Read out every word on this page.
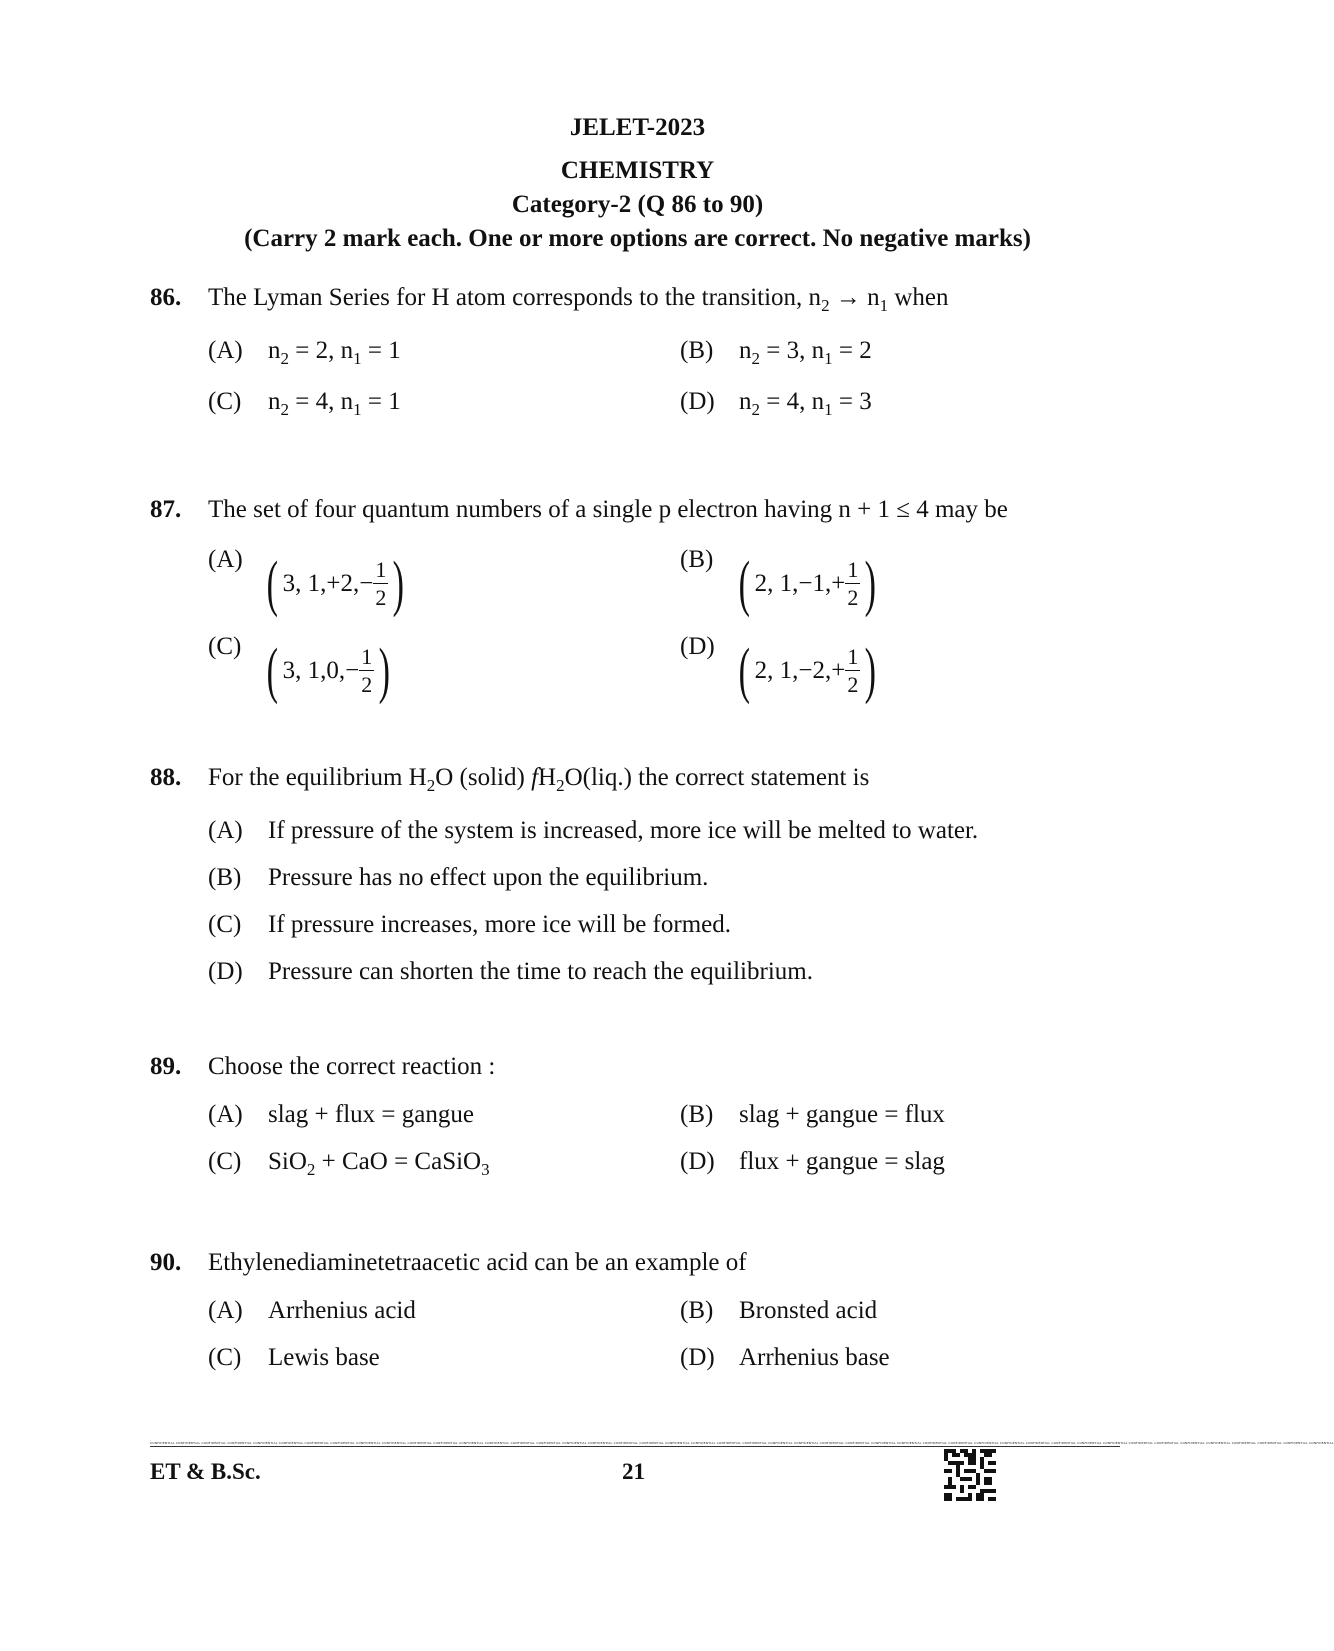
JELET-2023
CHEMISTRY
Category-2 (Q 86 to 90)
(Carry 2 mark each. One or more options are correct. No negative marks)
86. The Lyman Series for H atom corresponds to the transition, $n_2 \to n_1$ when
(A) $n_2 = 2$, $n_1 = 1$	(B) $n_2 = 3$, $n_1 = 2$
(C) $n_2 = 4$, $n_1 = 1$	(D) $n_2 = 4$, $n_1 = 3$
87. The set of four quantum numbers of a single p electron having n + 1 ≤ 4 may be
(A) ( 3, $1,+2,- \frac{1}{2}$ )	(B) ( 2, $1,-1,+ \frac{1}{2}$ )
(C) ( 3, $1,0,- \frac{1}{2}$ )	(D) ( 2, $1,-2,+ \frac{1}{2}$ )
88. For the equilibrium $H_2O$ (solid) $fH_2O(liq.)$ the correct statement is
(A) If pressure of the system is increased, more ice will be melted to water.
(B) Pressure has no effect upon the equilibrium.
(C) If pressure increases, more ice will be formed.
(D) Pressure can shorten the time to reach the equilibrium.
89. Choose the correct reaction :
(A) slag + flux = gangue	(B) slag + gangue = flux
(C) SiO$_2$ + CaO = CaSiO$_3$	(D) flux + gangue = slag
90. Ethylenediaminetetraacetic acid can be an example of
(A) Arrhenius acid	(B) Bronsted acid
(C) Lewis base	(D) Arrhenius base
CONFIDENTIAL CONFIDENTIAL CONFIDENTIAL CONFIDENTIAL CONFIDENTIAL CONFIDENTIAL CONFIDENTIAL CONFIDENTIAL CONFIDENTIAL CONFIDENTIAL CONFIDENTIAL CONFIDENTIAL CONFIDENTIAL CONFIDENTIAL CONFIDENTIAL CONFIDENTIAL CONFIDENTIAL CONFIDENTIAL CONFIDENTIAL CONFIDENTIAL CONFIDENTIAL CONFIDENTIAL CONFIDENTIAL CONFIDENTIAL CONFIDENTIAL CONFIDENTIAL CONFIDENTIAL CONFIDENTIAL CONFIDENTIAL CONFIDENTIAL CONFIDENTIAL CONFIDENTIAL CONFIDENTIAL CONFIDENTIAL CONFIDENTIAL CONFIDENTIAL CONFIDENTIAL CONFIDENTIAL CONFIDENTIAL CONFIDENTIAL CONFIDENTIAL CONFIDENTIAL CONFIDENTIAL CONFIDENTIAL CONFIDENTIAL CONFIDENTIAL
ET & B.Sc.	21
